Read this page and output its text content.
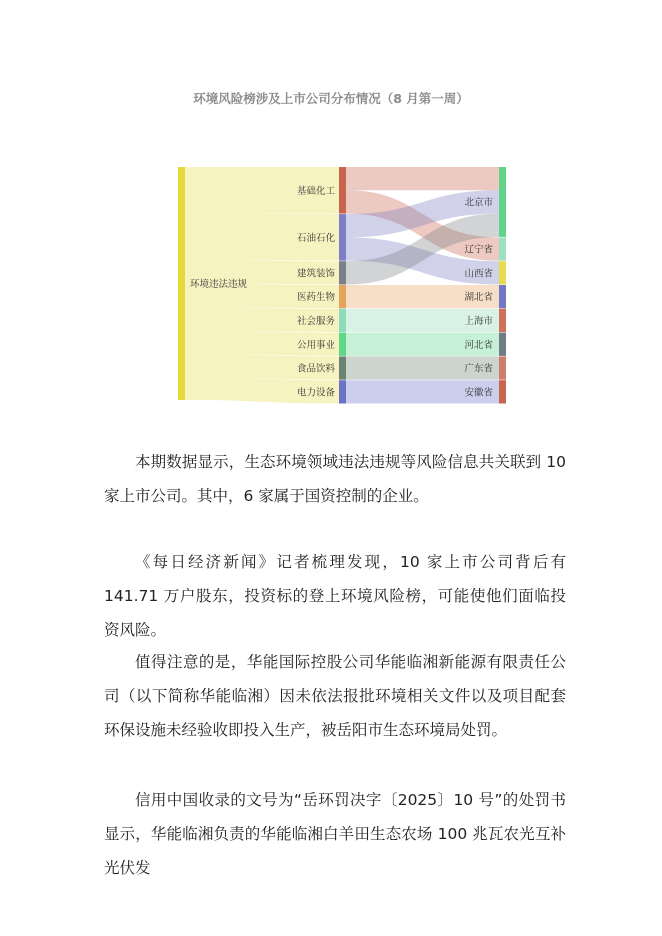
环境风险榜涉及上市公司分布情况（8 月第一周）
环境违法违规
基础化工
石油石化
建筑装饰
医药生物
社会服务
公用事业
食品饮料
电力设备
北京市
辽宁省
山西省
湖北省
上海市
河北省
广东省
安徽省

本期数据显示，生态环境领域违法违规等风险信息共关联到 10 家上市公司。其中，6 家属于国资控制的企业。

《每日经济新闻》记者梳理发现，10 家上市公司背后有 141.71 万户股东，投资标的登上环境风险榜，可能使他们面临投资风险。

值得注意的是，华能国际控股公司华能临湘新能源有限责任公司（以下简称华能临湘）因未依法报批环境相关文件以及项目配套环保设施未经验收即投入生产，被岳阳市生态环境局处罚。

信用中国收录的文号为“岳环罚决字〔2025〕10 号”的处罚书显示，华能临湘负责的华能临湘白羊田生态农场 100 兆瓦农光互补光伏发
